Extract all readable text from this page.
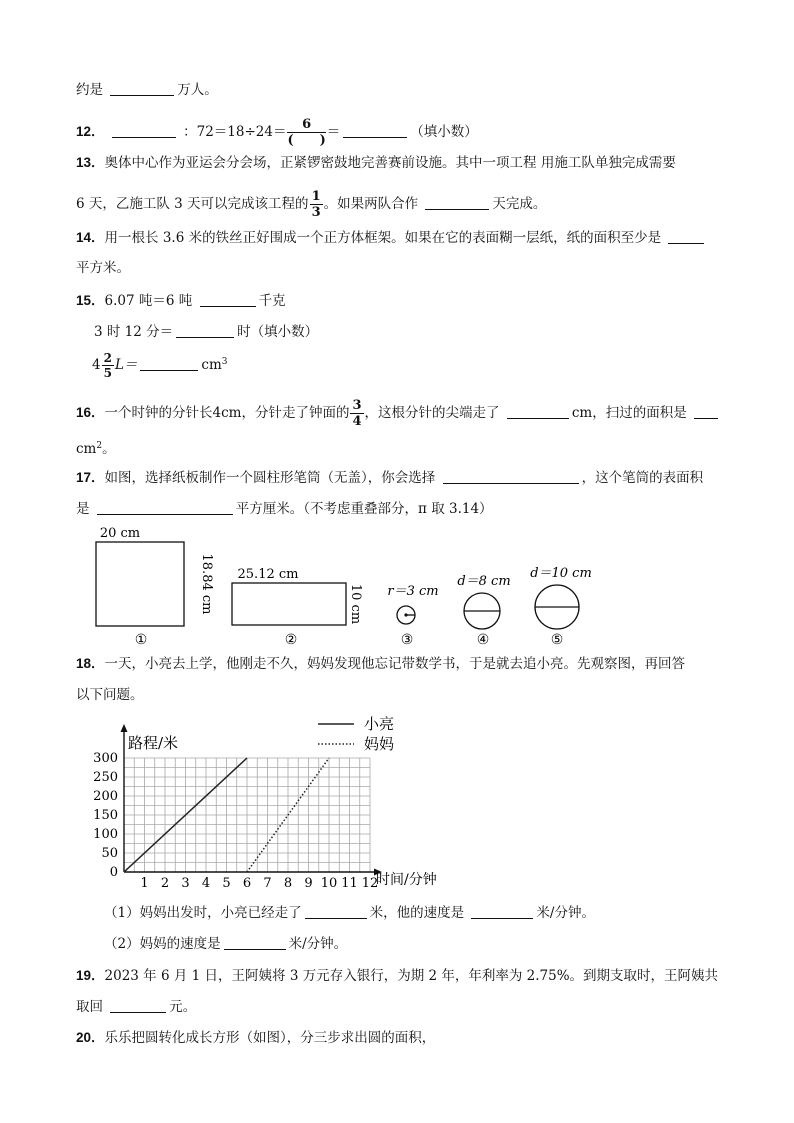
约是	万人。
12．	：$72=18\div 24= \frac{6}{( )}$ ＝	（填小数）
13．奥体中心作为亚运会分会场，正紧锣密鼓地完善赛前设施。其中一项工程 用施工队单独完成需要
6 天，乙施工队 3 天可以完成该工程的 $\frac{1}{3}$ 。如果两队合作	天完成。
14．用一根长 3.6 米的铁丝正好围成一个正方体框架。如果在它的表面糊一层纸，纸的面积至少是
平方米。
15．6.07 吨＝6 吨	千克
3 时 12 分＝	时（填小数）
$4 \frac{2}{5} L=$	$cm^3$
16．一个时钟的分针长4cm，分针走了钟面的 $\frac{3}{4}$ ，这根分针的尖端走了	cm，扫过的面积是
$cm^2$。
17．如图，选择纸板制作一个圆柱形笔筒（无盖），你会选择	，这个笔筒的表面积
是	平方厘米。（不考虑重叠部分，π 取 3.14）
20 cm
18.84 cm
①
25.12 cm
10 cm
②
r＝3 cm
③
d＝8 cm
④
d＝10 cm
⑤
18．一天，小亮去上学，他刚走不久，妈妈发现他忘记带数学书，于是就去追小亮。先观察图，再回答
以下问题。
1 2 3 4 5 6 7 8 9 10 11 12
0
50
100
150
200
250
300
路程/米
时间/分钟
小亮
妈妈
（1）妈妈出发时，小亮已经走了	米，他的速度是	米/分钟。
（2）妈妈的速度是	米/分钟。
19．2023 年 6 月 1 日，王阿姨将 3 万元存入银行，为期 2 年，年利率为 2.75%。到期支取时，王阿姨共
取回	元。
20．乐乐把圆转化成长方形（如图），分三步求出圆的面积，
